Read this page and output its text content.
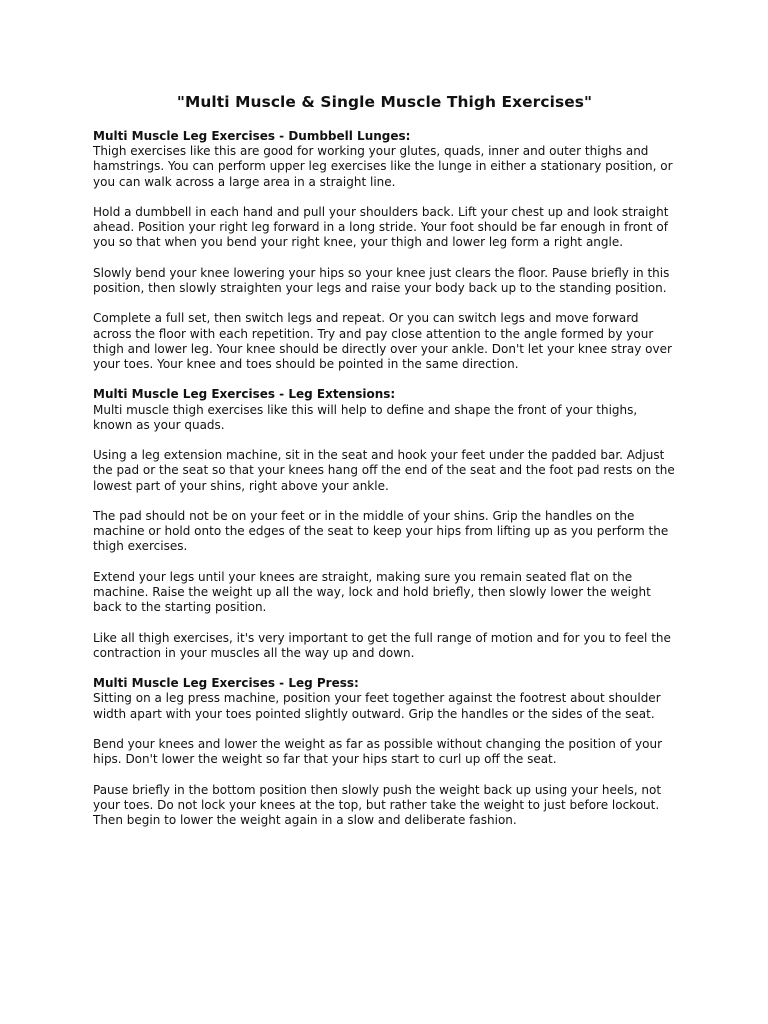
"Multi Muscle & Single Muscle Thigh Exercises"
Multi Muscle Leg Exercises - Dumbbell Lunges:
Thigh exercises like this are good for working your glutes, quads, inner and outer thighs and hamstrings. You can perform upper leg exercises like the lunge in either a stationary position, or you can walk across a large area in a straight line.

Hold a dumbbell in each hand and pull your shoulders back. Lift your chest up and look straight ahead. Position your right leg forward in a long stride. Your foot should be far enough in front of you so that when you bend your right knee, your thigh and lower leg form a right angle.

Slowly bend your knee lowering your hips so your knee just clears the floor. Pause briefly in this position, then slowly straighten your legs and raise your body back up to the standing position.

Complete a full set, then switch legs and repeat. Or you can switch legs and move forward across the floor with each repetition. Try and pay close attention to the angle formed by your thigh and lower leg. Your knee should be directly over your ankle. Don't let your knee stray over your toes. Your knee and toes should be pointed in the same direction.

Multi Muscle Leg Exercises - Leg Extensions:
Multi muscle thigh exercises like this will help to define and shape the front of your thighs, known as your quads.

Using a leg extension machine, sit in the seat and hook your feet under the padded bar. Adjust the pad or the seat so that your knees hang off the end of the seat and the foot pad rests on the lowest part of your shins, right above your ankle.

The pad should not be on your feet or in the middle of your shins. Grip the handles on the machine or hold onto the edges of the seat to keep your hips from lifting up as you perform the thigh exercises.

Extend your legs until your knees are straight, making sure you remain seated flat on the machine. Raise the weight up all the way, lock and hold briefly, then slowly lower the weight back to the starting position.

Like all thigh exercises, it's very important to get the full range of motion and for you to feel the contraction in your muscles all the way up and down.

Multi Muscle Leg Exercises - Leg Press:
Sitting on a leg press machine, position your feet together against the footrest about shoulder width apart with your toes pointed slightly outward. Grip the handles or the sides of the seat.

Bend your knees and lower the weight as far as possible without changing the position of your hips. Don't lower the weight so far that your hips start to curl up off the seat.

Pause briefly in the bottom position then slowly push the weight back up using your heels, not your toes. Do not lock your knees at the top, but rather take the weight to just before lockout. Then begin to lower the weight again in a slow and deliberate fashion.
